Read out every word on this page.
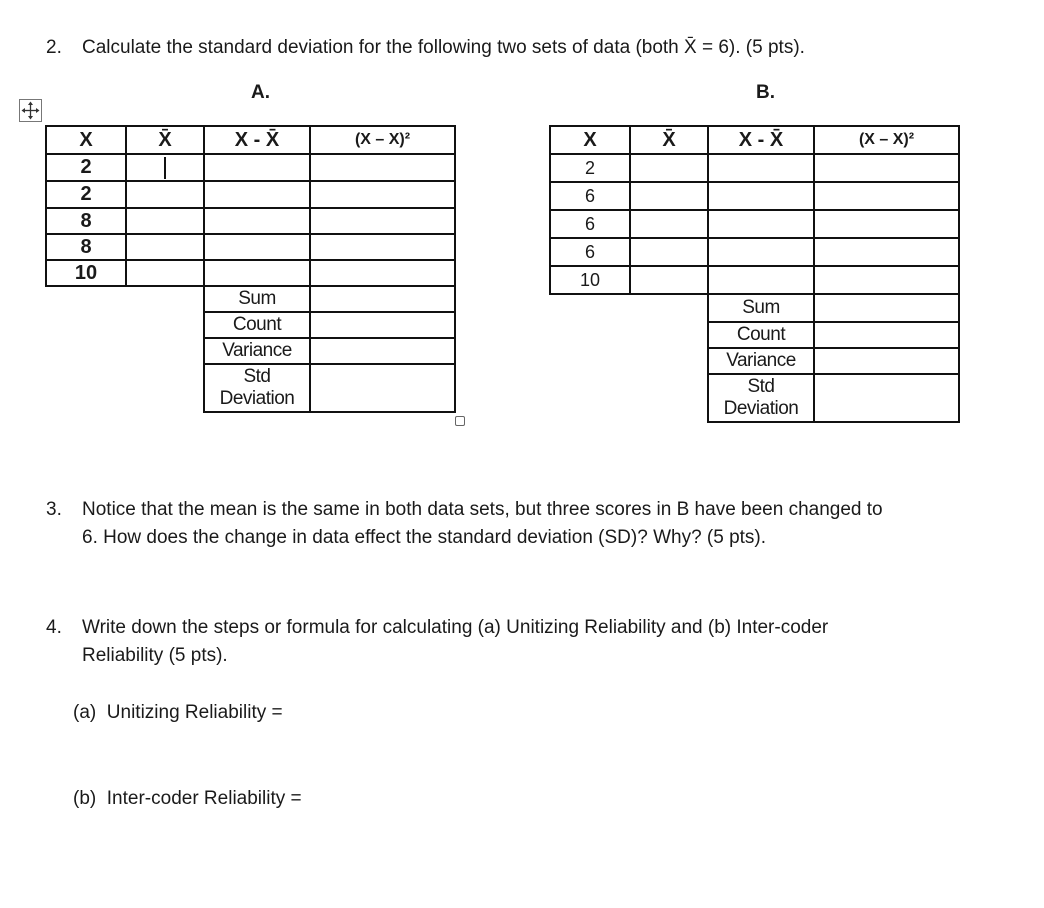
2. Calculate the standard deviation for the following two sets of data (both X̄ = 6). (5 pts).
A.	B.
X	X̄	X - X̄	(X – X)²
2			
2			
8			
8			
10			
		Sum	
		Count	
		Variance	
		Std Deviation	
X	X̄	X - X̄	(X – X)²
2			
6			
6			
6			
10			
		Sum	
		Count	
		Variance	
		Std Deviation	
3. Notice that the mean is the same in both data sets, but three scores in B have been changed to
6. How does the change in data effect the standard deviation (SD)? Why? (5 pts).
4. Write down the steps or formula for calculating (a) Unitizing Reliability and (b) Inter-coder
Reliability (5 pts).
(a)  Unitizing Reliability =
(b)  Inter-coder Reliability =
